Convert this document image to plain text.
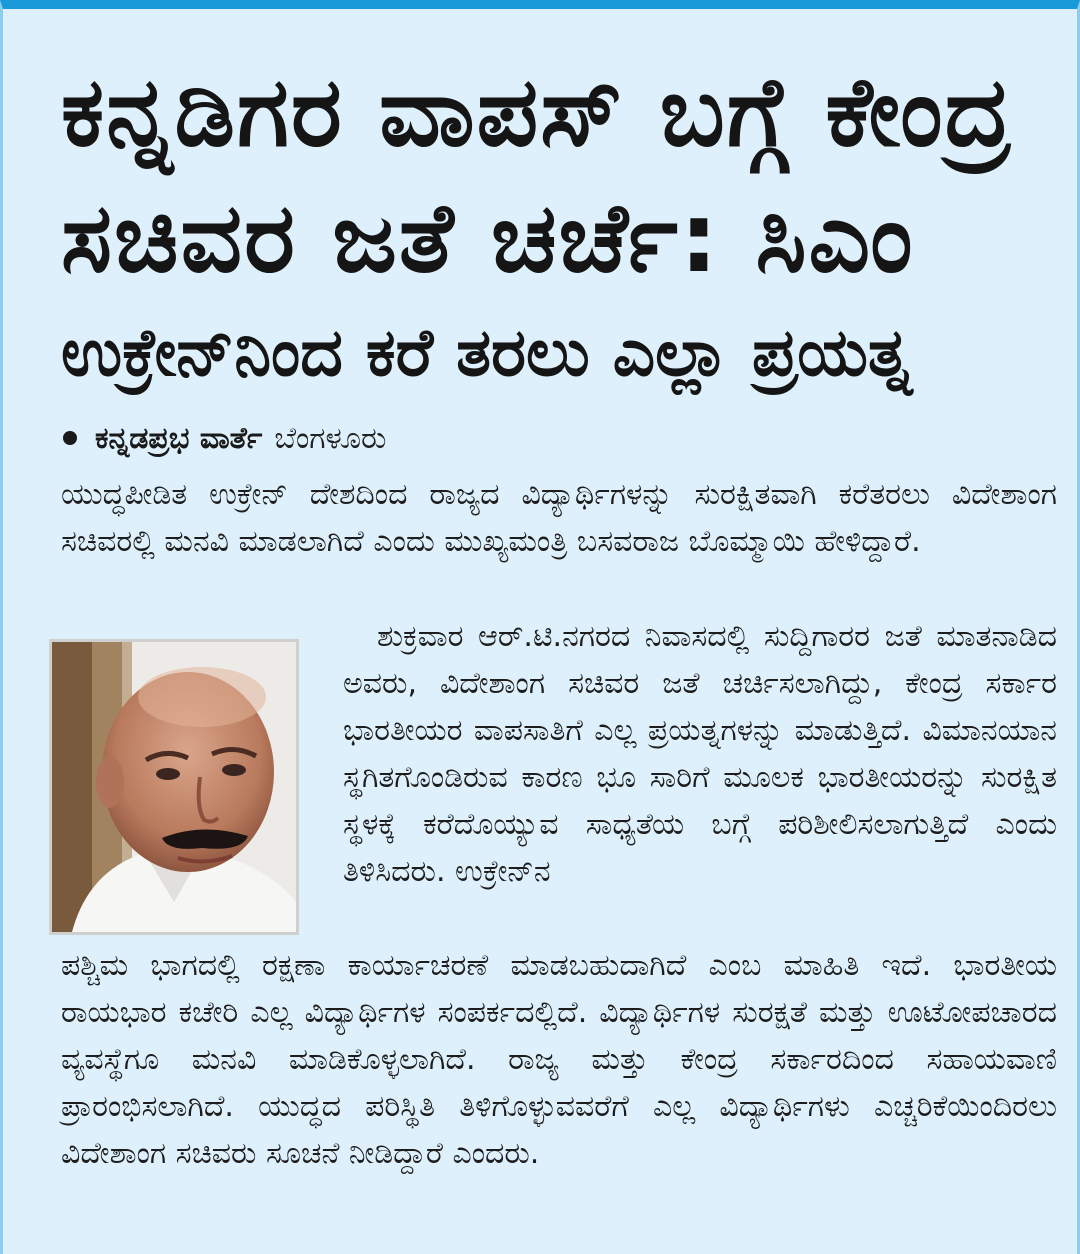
ಕನ್ನಡಿಗರ ವಾಪಸ್ ಬಗ್ಗೆ ಕೇಂದ್ರ
ಸಚಿವರ ಜತೆ ಚರ್ಚೆ: ಸಿಎಂ
ಉಕ್ರೇನ್‌ನಿಂದ ಕರೆ ತರಲು ಎಲ್ಲಾ ಪ್ರಯತ್ನ
ಕನ್ನಡಪ್ರಭ ವಾರ್ತೆ ಬೆಂಗಳೂರು

ಯುದ್ಧಪೀಡಿತ ಉಕ್ರೇನ್ ದೇಶದಿಂದ ರಾಜ್ಯದ ವಿದ್ಯಾರ್ಥಿಗಳನ್ನು ಸುರಕ್ಷಿತವಾಗಿ ಕರೆತರಲು ವಿದೇಶಾಂಗ ಸಚಿವರಲ್ಲಿ ಮನವಿ ಮಾಡಲಾಗಿದೆ ಎಂದು ಮುಖ್ಯಮಂತ್ರಿ ಬಸವರಾಜ ಬೊಮ್ಮಾಯಿ ಹೇಳಿದ್ದಾರೆ.

ಶುಕ್ರವಾರ ಆರ್.ಟಿ.ನಗರದ ನಿವಾಸದಲ್ಲಿ ಸುದ್ದಿಗಾರರ ಜತೆ ಮಾತನಾಡಿದ ಅವರು, ವಿದೇಶಾಂಗ ಸಚಿವರ ಜತೆ ಚರ್ಚಿಸಲಾಗಿದ್ದು, ಕೇಂದ್ರ ಸರ್ಕಾರ ಭಾರತೀಯರ ವಾಪಸಾತಿಗೆ ಎಲ್ಲ ಪ್ರಯತ್ನಗಳನ್ನು ಮಾಡುತ್ತಿದೆ. ವಿಮಾನಯಾನ ಸ್ಥಗಿತಗೊಂಡಿರುವ ಕಾರಣ ಭೂ ಸಾರಿಗೆ ಮೂಲಕ ಭಾರತೀಯರನ್ನು ಸುರಕ್ಷಿತ ಸ್ಥಳಕ್ಕೆ ಕರೆದೊಯ್ಯುವ ಸಾಧ್ಯತೆಯ ಬಗ್ಗೆ ಪರಿಶೀಲಿಸಲಾಗುತ್ತಿದೆ ಎಂದು ತಿಳಿಸಿದರು. ಉಕ್ರೇನ್‌ನ

ಪಶ್ಚಿಮ ಭಾಗದಲ್ಲಿ ರಕ್ಷಣಾ ಕಾರ್ಯಾಚರಣೆ ಮಾಡಬಹುದಾಗಿದೆ ಎಂಬ ಮಾಹಿತಿ ಇದೆ. ಭಾರತೀಯ ರಾಯಭಾರ ಕಚೇರಿ ಎಲ್ಲ ವಿದ್ಯಾರ್ಥಿಗಳ ಸಂಪರ್ಕದಲ್ಲಿದೆ. ವಿದ್ಯಾರ್ಥಿಗಳ ಸುರಕ್ಷತೆ ಮತ್ತು ಊಟೋಪಚಾರದ ವ್ಯವಸ್ಥೆಗೂ ಮನವಿ ಮಾಡಿಕೊಳ್ಳಲಾಗಿದೆ. ರಾಜ್ಯ ಮತ್ತು ಕೇಂದ್ರ ಸರ್ಕಾರದಿಂದ ಸಹಾಯವಾಣಿ ಪ್ರಾರಂಭಿಸಲಾಗಿದೆ. ಯುದ್ಧದ ಪರಿಸ್ಥಿತಿ ತಿಳಿಗೊಳ್ಳುವವರೆಗೆ ಎಲ್ಲ ವಿದ್ಯಾರ್ಥಿಗಳು ಎಚ್ಚರಿಕೆಯಿಂದಿರಲು ವಿದೇಶಾಂಗ ಸಚಿವರು ಸೂಚನೆ ನೀಡಿದ್ದಾರೆ ಎಂದರು.
